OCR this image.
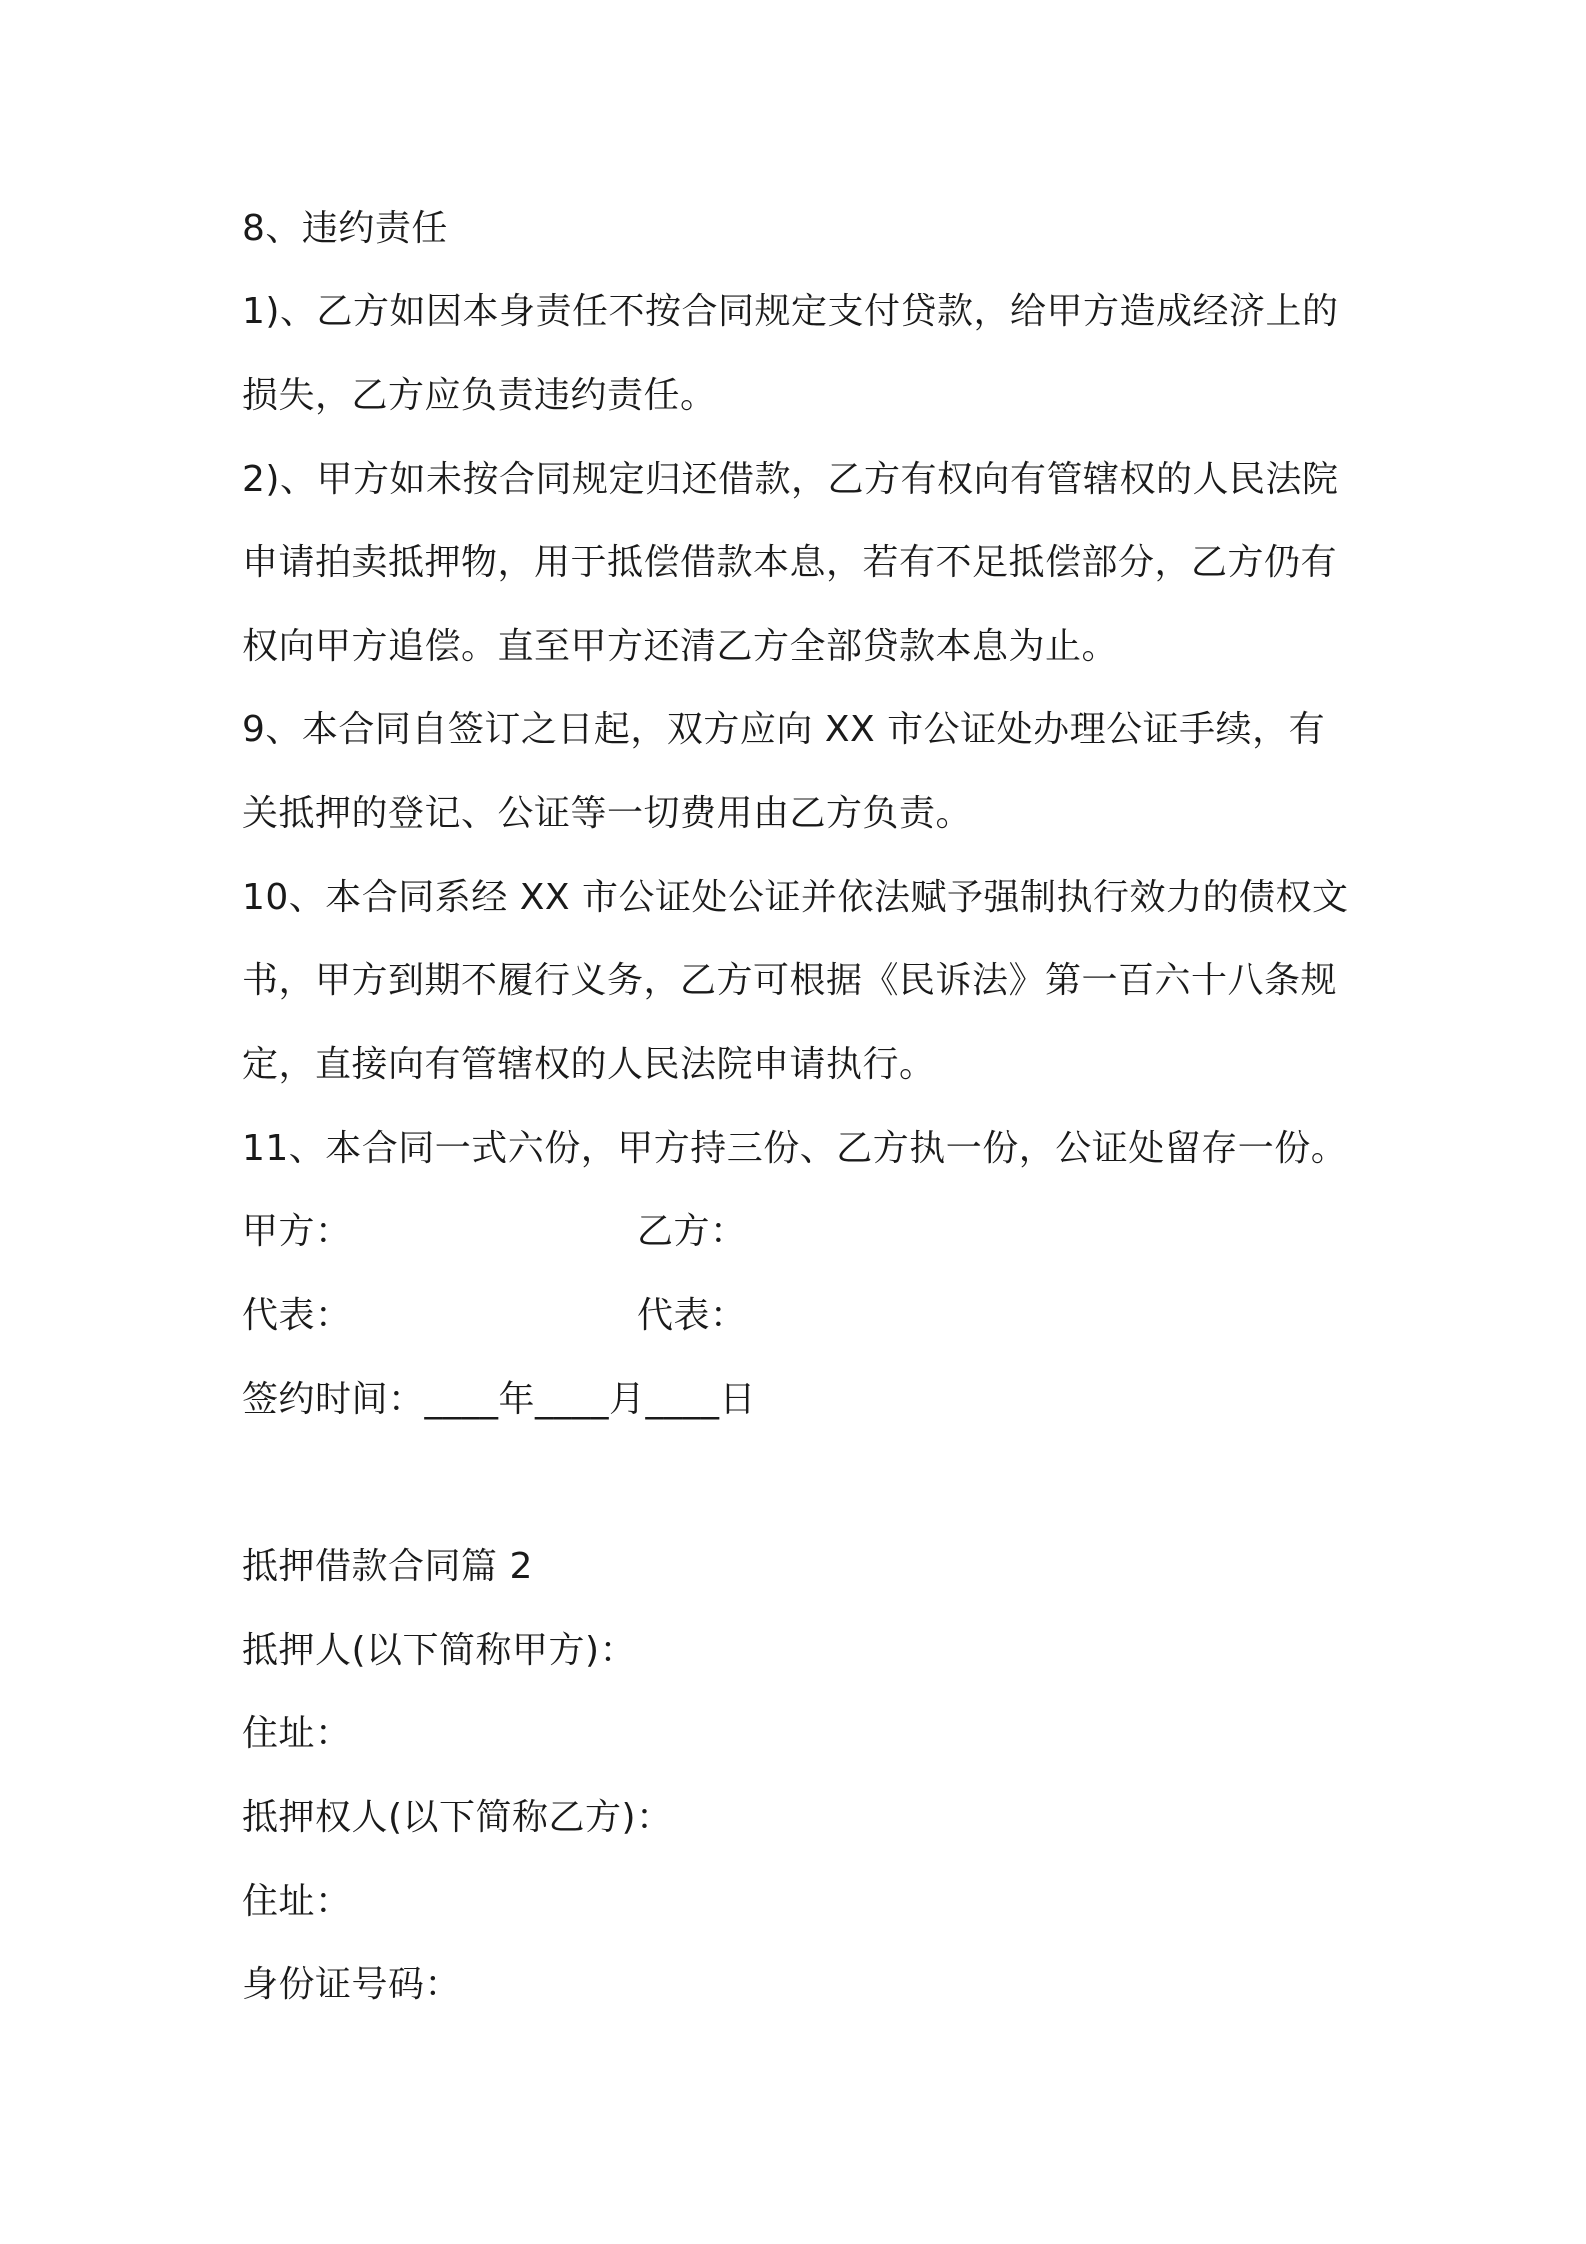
8、违约责任
1)、乙方如因本身责任不按合同规定支付贷款，给甲方造成经济上的
损失，乙方应负责违约责任。
2)、甲方如未按合同规定归还借款，乙方有权向有管辖权的人民法院
申请拍卖抵押物，用于抵偿借款本息，若有不足抵偿部分，乙方仍有
权向甲方追偿。直至甲方还清乙方全部贷款本息为止。
9、本合同自签订之日起，双方应向 XX 市公证处办理公证手续，有
关抵押的登记、公证等一切费用由乙方负责。
10、本合同系经 XX 市公证处公证并依法赋予强制执行效力的债权文
书，甲方到期不履行义务，乙方可根据《民诉法》第一百六十八条规
定，直接向有管辖权的人民法院申请执行。
11、本合同一式六份，甲方持三份、乙方执一份，公证处留存一份。
甲方：	乙方：
代表：	代表：
签约时间：____年____月____日
抵押借款合同篇 2
抵押人(以下简称甲方)：
住址：
抵押权人(以下简称乙方)：
住址：
身份证号码：
